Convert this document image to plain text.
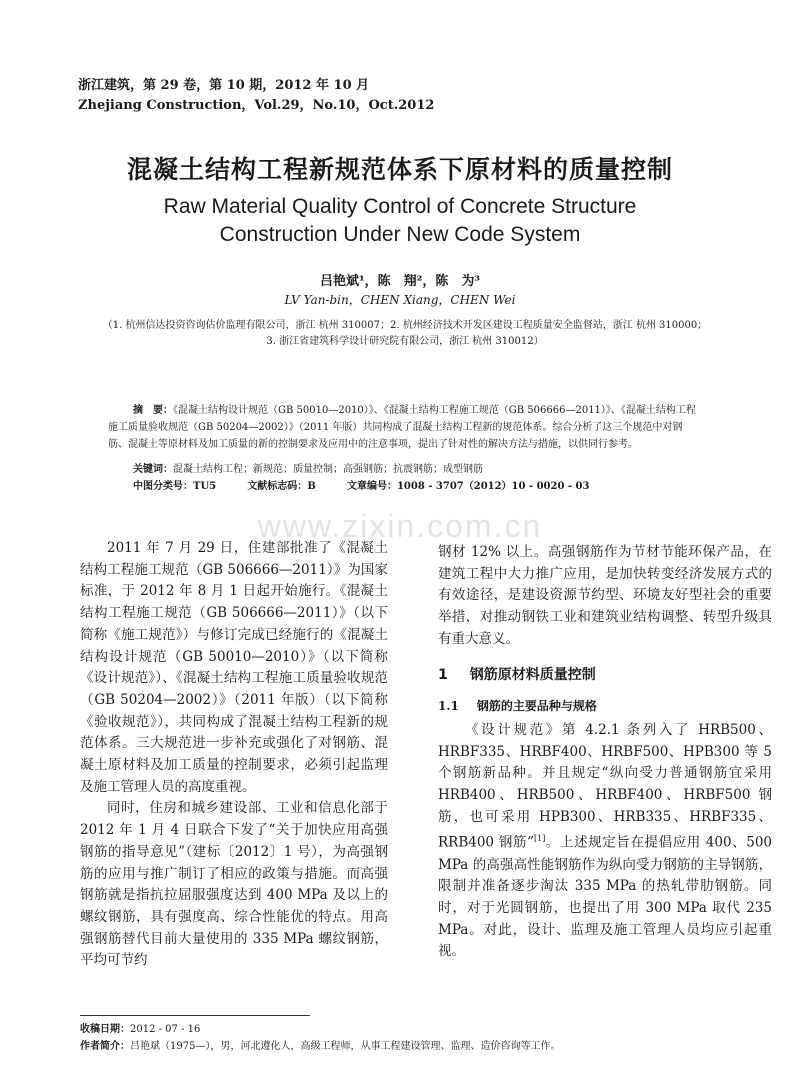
浙江建筑，第 29 卷，第 10 期，2012 年 10 月
Zhejiang Construction，Vol.29，No.10，Oct.2012
混凝土结构工程新规范体系下原材料的质量控制
Raw Material Quality Control of Concrete Structure
Construction Under New Code System
吕艳斌¹，陈　翔²，陈　为³
LV Yan-bin，CHEN Xiang，CHEN Wei
（1. 杭州信达投资咨询估价监理有限公司，浙江 杭州 310007；2. 杭州经济技术开发区建设工程质量安全监督站，浙江 杭州 310000；
3. 浙江省建筑科学设计研究院有限公司，浙江 杭州 310012）
摘　要：《混凝土结构设计规范（GB 50010—2010）》、《混凝土结构工程施工规范（GB 506666—2011）》、《混凝土结构工程施工质量验收规范（GB 50204—2002）》（2011 年版）共同构成了混凝土结构工程新的规范体系。综合分析了这三个规范中对钢筋、混凝土等原材料及加工质量的新的控制要求及应用中的注意事项，提出了针对性的解决方法与措施，以供同行参考。
关键词：混凝土结构工程；新规范；质量控制；高强钢筋；抗震钢筋；成型钢筋
中图分类号：TU5	文献标志码：B	文章编号：1008 - 3707（2012）10 - 0020 - 03
www.zixin.com.cn

2011 年 7 月 29 日，住建部批准了《混凝土结构工程施工规范（GB 506666—2011）》为国家标准，于 2012 年 8 月 1 日起开始施行。《混凝土结构工程施工规范（GB 506666—2011）》（以下简称《施工规范》）与修订完成已经施行的《混凝土结构设计规范（GB 50010—2010）》（以下简称《设计规范》）、《混凝土结构工程施工质量验收规范（GB 50204—2002）》（2011 年版）（以下简称《验收规范》），共同构成了混凝土结构工程新的规范体系。三大规范进一步补充或强化了对钢筋、混凝土原材料及加工质量的控制要求，必须引起监理及施工管理人员的高度重视。

同时，住房和城乡建设部、工业和信息化部于 2012 年 1 月 4 日联合下发了“关于加快应用高强钢筋的指导意见”（建标〔2012〕1 号），为高强钢筋的应用与推广制订了相应的政策与措施。而高强钢筋就是指抗拉屈服强度达到 400 MPa 及以上的螺纹钢筋，具有强度高、综合性能优的特点。用高强钢筋替代目前大量使用的 335 MPa 螺纹钢筋，平均可节约

钢材 12% 以上。高强钢筋作为节材节能环保产品，在建筑工程中大力推广应用，是加快转变经济发展方式的有效途径，是建设资源节约型、环境友好型社会的重要举措，对推动钢铁工业和建筑业结构调整、转型升级具有重大意义。

1 钢筋原材料质量控制
1.1 钢筋的主要品种与规格

《设计规范》第 4.2.1 条列入了 HRB500、HRBF335、HRBF400、HRBF500、HPB300 等 5 个钢筋新品种。并且规定“纵向受力普通钢筋宜采用 HRB400、HRB500、HRBF400、HRBF500 钢筋，也可采用 HPB300、HRB335、HRBF335、RRB400 钢筋”[1]。上述规定旨在提倡应用 400、500 MPa 的高强高性能钢筋作为纵向受力钢筋的主导钢筋，限制并准备逐步淘汰 335 MPa 的热轧带肋钢筋。同时，对于光圆钢筋，也提出了用 300 MPa 取代 235 MPa。对此，设计、监理及施工管理人员均应引起重视。

收稿日期：2012 - 07 - 16
作者简介：吕艳斌（1975—），男，河北遵化人，高级工程师，从事工程建设管理、监理、造价咨询等工作。
